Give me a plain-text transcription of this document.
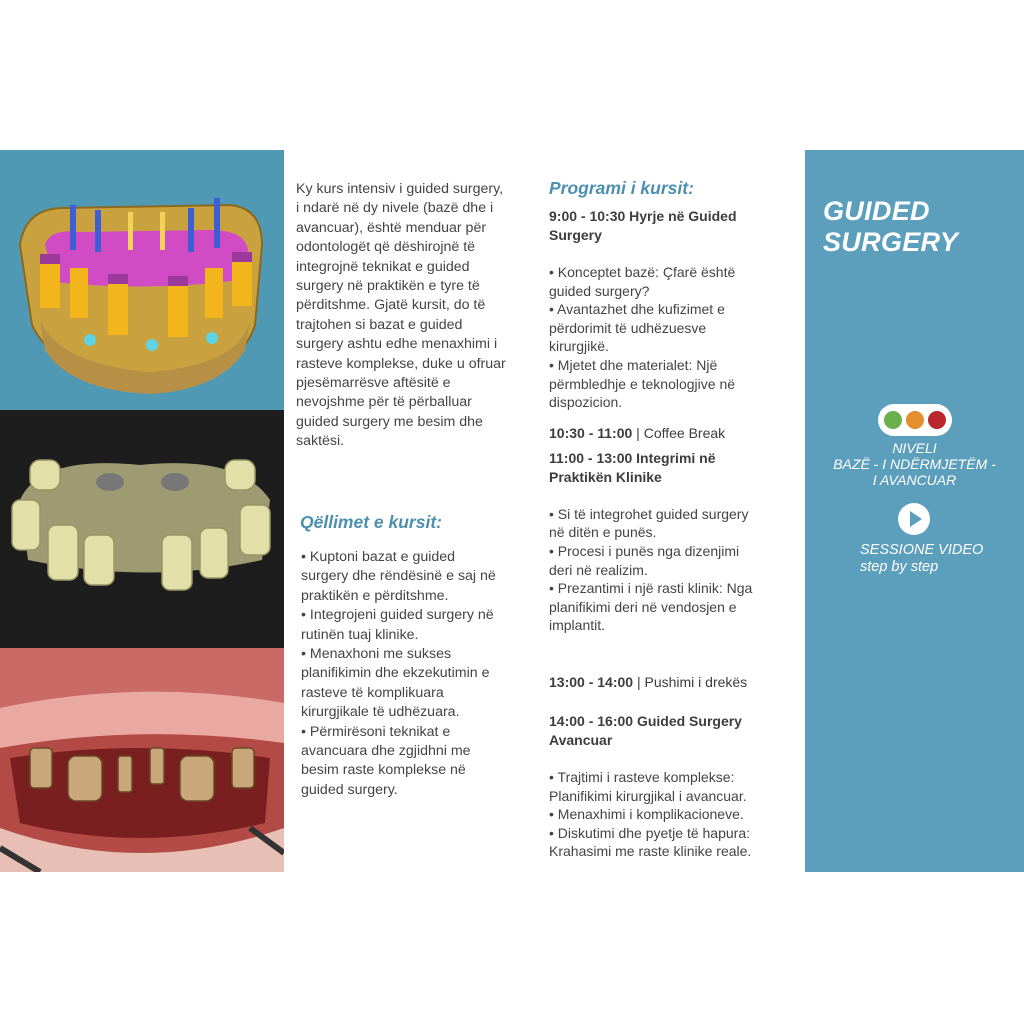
Ky kurs intensiv i guided surgery,
i ndarë në dy nivele (bazë dhe i
avancuar), është menduar për
odontologët që dëshirojnë të
integrojnë teknikat e guided
surgery në praktikën e tyre të
përditshme. Gjatë kursit, do të
trajtohen si bazat e guided
surgery ashtu edhe menaxhimi i
rasteve komplekse, duke u ofruar
pjesëmarrësve aftësitë e
nevojshme për të përballuar
guided surgery me besim dhe
saktësi.

Qëllimet e kursit:
• Kuptoni bazat e guided
surgery dhe rëndësinë e saj në
praktikën e përditshme.
• Integrojeni guided surgery në
rutinën tuaj klinike.
• Menaxhoni me sukses
planifikimin dhe ekzekutimin e
rasteve të komplikuara
kirurgjikale të udhëzuara.
• Përmirësoni teknikat e
avancuara dhe zgjidhni me
besim raste komplekse në
guided surgery.
Programi i kursit:

9:00 - 10:30 Hyrje në Guided
Surgery

• Konceptet bazë: Çfarë është
guided surgery?
• Avantazhet dhe kufizimet e
përdorimit të udhëzuesve
kirurgjikë.
• Mjetet dhe materialet: Një
përmbledhje e teknologjive në
dispozicion.

10:30 - 11:00 | Coffee Break

11:00 - 13:00 Integrimi në
Praktikën Klinike

• Si të integrohet guided surgery
në ditën e punës.
• Procesi i punës nga dizenjimi
deri në realizim.
• Prezantimi i një rasti klinik: Nga
planifikimi deri në vendosjen e
implantit.

13:00 - 14:00 | Pushimi i drekës

14:00 - 16:00 Guided Surgery
Avancuar

• Trajtimi i rasteve komplekse:
Planifikimi kirurgjikal i avancuar.
• Menaxhimi i komplikacioneve.
• Diskutimi dhe pyetje të hapura:
Krahasimi me raste klinike reale.
GUIDED
SURGERY
NIVELI
BAZË - I NDËRMJETËM -
I AVANCUAR
SESSIONE VIDEO
step by step
